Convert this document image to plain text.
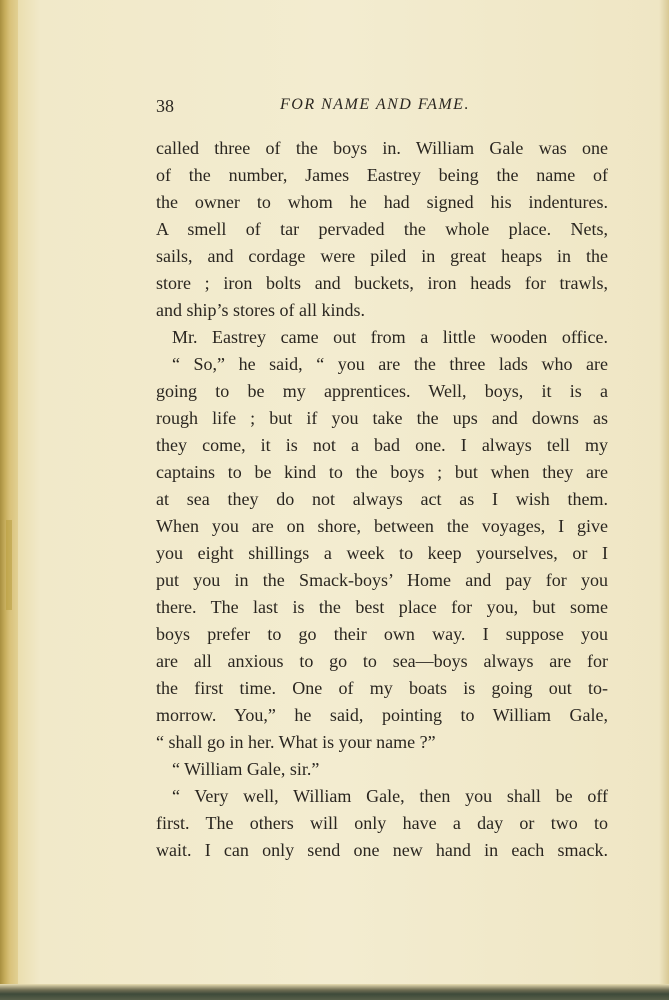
38	FOR NAME AND FAME.
called three of the boys in. William Gale was one
of the number, James Eastrey being the name of
the owner to whom he had signed his indentures.
A smell of tar pervaded the whole place. Nets,
sails, and cordage were piled in great heaps in the
store ; iron bolts and buckets, iron heads for trawls,
and ship’s stores of all kinds.
Mr. Eastrey came out from a little wooden office.
“ So,” he said, “ you are the three lads who are
going to be my apprentices. Well, boys, it is a
rough life ; but if you take the ups and downs as
they come, it is not a bad one. I always tell my
captains to be kind to the boys ; but when they are
at sea they do not always act as I wish them.
When you are on shore, between the voyages, I give
you eight shillings a week to keep yourselves, or I
put you in the Smack-boys’ Home and pay for you
there. The last is the best place for you, but some
boys prefer to go their own way. I suppose you
are all anxious to go to sea—boys always are for
the first time. One of my boats is going out to-
morrow. You,” he said, pointing to William Gale,
“ shall go in her. What is your name ?”
“ William Gale, sir.”
“ Very well, William Gale, then you shall be off
first. The others will only have a day or two to
wait. I can only send one new hand in each smack.
